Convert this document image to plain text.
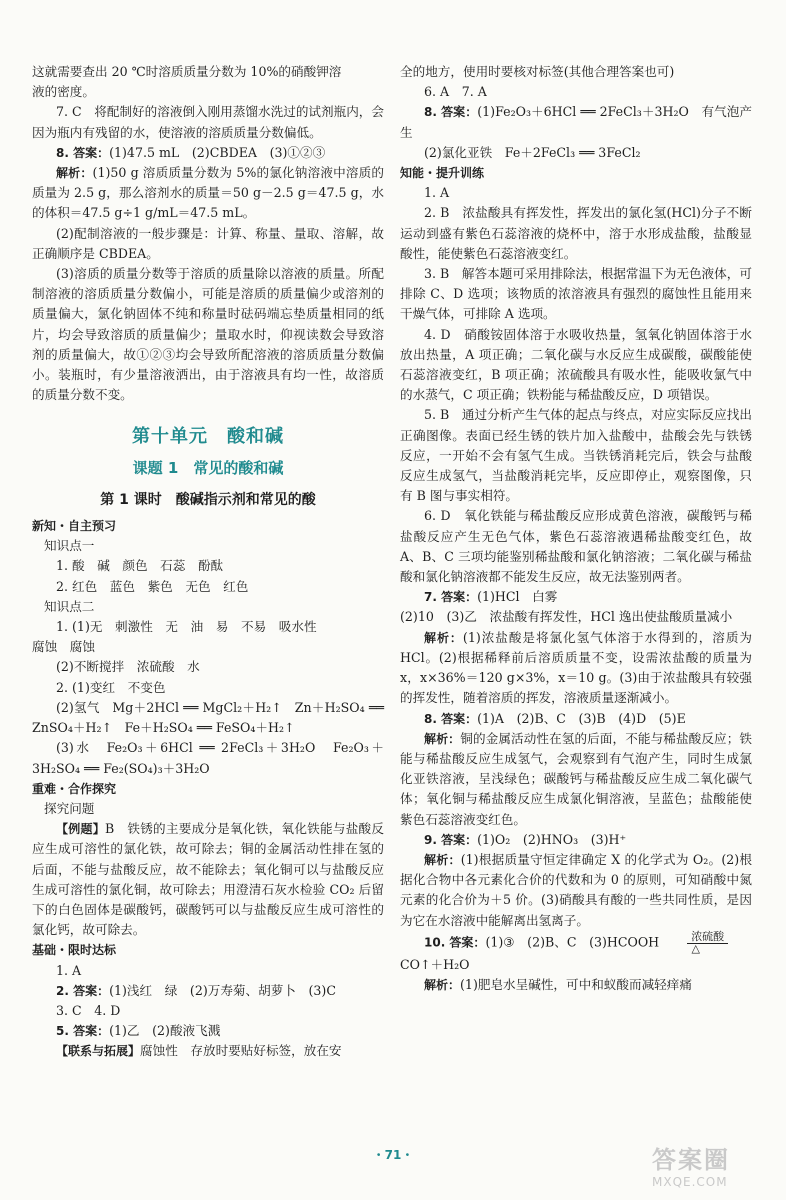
这就需要查出 20 ℃时溶质质量分数为 10%的硝酸钾溶

液的密度。

7. C　将配制好的溶液倒入刚用蒸馏水洗过的试剂瓶内，会因为瓶内有残留的水，使溶液的溶质质量分数偏低。

8. 答案：(1)47.5 mL　(2)CBDEA　(3)①②③

解析：(1)50 g 溶质质量分数为 5%的氯化钠溶液中溶质的质量为 2.5 g，那么溶剂水的质量＝50 g－2.5 g＝47.5 g，水的体积＝47.5 g÷1 g/mL＝47.5 mL。

(2)配制溶液的一般步骤是：计算、称量、量取、溶解，故正确顺序是 CBDEA。

(3)溶质的质量分数等于溶质的质量除以溶液的质量。所配制溶液的溶质质量分数偏小，可能是溶质的质量偏少或溶剂的质量偏大，氯化钠固体不纯和称量时砝码端忘垫质量相同的纸片，均会导致溶质的质量偏少；量取水时，仰视读数会导致溶剂的质量偏大，故①②③均会导致所配溶液的溶质质量分数偏小。装瓶时，有少量溶液洒出，由于溶液具有均一性，故溶质的质量分数不变。

第十单元　酸和碱
课题 1　常见的酸和碱
第 1 课时　酸碱指示剂和常见的酸

新知・自主预习

知识点一

1. 酸　碱　颜色　石蕊　酚酞

2. 红色　蓝色　紫色　无色　红色

知识点二

1. (1)无　刺激性　无　油　易　不易　吸水性

腐蚀　腐蚀

(2)不断搅拌　浓硫酸　水

2. (1)变红　不变色

(2)氢气　Mg＋2HCl ══ MgCl₂＋H₂↑　Zn＋H₂SO₄ ══ ZnSO₄＋H₂↑　Fe＋H₂SO₄ ══ FeSO₄＋H₂↑

(3)水　Fe₂O₃＋6HCl ══ 2FeCl₃＋3H₂O　Fe₂O₃＋3H₂SO₄ ══ Fe₂(SO₄)₃＋3H₂O

重难・合作探究

探究问题

【例题】B　铁锈的主要成分是氧化铁，氧化铁能与盐酸反应生成可溶性的氯化铁，故可除去；铜的金属活动性排在氢的后面，不能与盐酸反应，故不能除去；氧化铜可以与盐酸反应生成可溶性的氯化铜，故可除去；用澄清石灰水检验 CO₂ 后留下的白色固体是碳酸钙，碳酸钙可以与盐酸反应生成可溶性的氯化钙，故可除去。

基础・限时达标

1. A

2. 答案：(1)浅红　绿　(2)万寿菊、胡萝卜　(3)C

3. C　4. D

5. 答案：(1)乙　(2)酸液飞溅

【联系与拓展】腐蚀性　存放时要贴好标签，放在安

全的地方，使用时要核对标签(其他合理答案也可)

6. A　7. A

8. 答案：(1)Fe₂O₃＋6HCl ══ 2FeCl₃＋3H₂O　有气泡产生

(2)氯化亚铁　Fe＋2FeCl₃ ══ 3FeCl₂

知能・提升训练

1. A

2. B　浓盐酸具有挥发性，挥发出的氯化氢(HCl)分子不断运动到盛有紫色石蕊溶液的烧杯中，溶于水形成盐酸，盐酸显酸性，能使紫色石蕊溶液变红。

3. B　解答本题可采用排除法，根据常温下为无色液体，可排除 C、D 选项；该物质的浓溶液具有强烈的腐蚀性且能用来干燥气体，可排除 A 选项。

4. D　硝酸铵固体溶于水吸收热量，氢氧化钠固体溶于水放出热量，A 项正确；二氧化碳与水反应生成碳酸，碳酸能使石蕊溶液变红，B 项正确；浓硫酸具有吸水性，能吸收氯气中的水蒸气，C 项正确；铁粉能与稀盐酸反应，D 项错误。

5. B　通过分析产生气体的起点与终点，对应实际反应找出正确图像。表面已经生锈的铁片加入盐酸中，盐酸会先与铁锈反应，一开始不会有氢气生成。当铁锈消耗完后，铁会与盐酸反应生成氢气，当盐酸消耗完毕，反应即停止，观察图像，只有 B 图与事实相符。

6. D　氧化铁能与稀盐酸反应形成黄色溶液，碳酸钙与稀盐酸反应产生无色气体，紫色石蕊溶液遇稀盐酸变红色，故 A、B、C 三项均能鉴别稀盐酸和氯化钠溶液；二氧化碳与稀盐酸和氯化钠溶液都不能发生反应，故无法鉴别两者。

7. 答案：(1)HCl　白雾

(2)10　(3)乙　浓盐酸有挥发性，HCl 逸出使盐酸质量减小

解析：(1)浓盐酸是将氯化氢气体溶于水得到的，溶质为 HCl。(2)根据稀释前后溶质质量不变，设需浓盐酸的质量为 x，x×36%＝120 g×3%，x＝10 g。(3)由于浓盐酸具有较强的挥发性，随着溶质的挥发，溶液质量逐渐减小。

8. 答案：(1)A　(2)B、C　(3)B　(4)D　(5)E

解析：铜的金属活动性在氢的后面，不能与稀盐酸反应；铁能与稀盐酸反应生成氢气，会观察到有气泡产生，同时生成氯化亚铁溶液，呈浅绿色；碳酸钙与稀盐酸反应生成二氧化碳气体；氧化铜与稀盐酸反应生成氯化铜溶液，呈蓝色；盐酸能使紫色石蕊溶液变红色。

9. 答案：(1)O₂　(2)HNO₃　(3)H⁺

解析：(1)根据质量守恒定律确定 X 的化学式为 O₂。(2)根据化合物中各元素化合价的代数和为 0 的原则，可知硝酸中氮元素的化合价为＋5 价。(3)硝酸具有酸的一些共同性质，是因为它在水溶液中能解离出氢离子。

10. 答案：(1)③　(2)B、C　(3)HCOOH $\frac{\text{浓硫酸}}{\triangle}$

CO↑＋H₂O

解析：(1)肥皂水呈碱性，可中和蚁酸而减轻痒痛

・71・	答案圈
MXQE.COM
